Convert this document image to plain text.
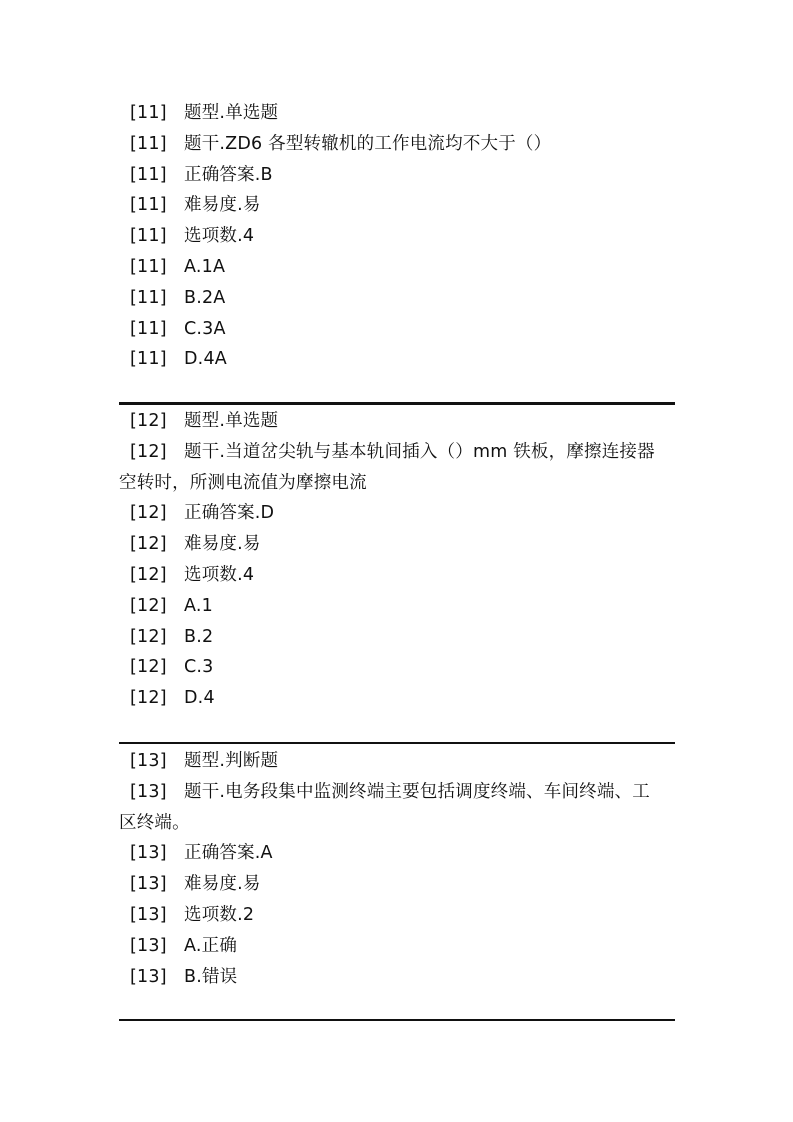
[11] 题型.单选题
[11] 题干.ZD6 各型转辙机的工作电流均不大于（）
[11] 正确答案.B
[11] 难易度.易
[11] 选项数.4
[11] A.1A
[11] B.2A
[11] C.3A
[11] D.4A
[12] 题型.单选题
[12] 题干.当道岔尖轨与基本轨间插入（）mm 铁板，摩擦连接器
空转时，所测电流值为摩擦电流
[12] 正确答案.D
[12] 难易度.易
[12] 选项数.4
[12] A.1
[12] B.2
[12] C.3
[12] D.4
[13] 题型.判断题
[13] 题干.电务段集中监测终端主要包括调度终端、车间终端、工
区终端。
[13] 正确答案.A
[13] 难易度.易
[13] 选项数.2
[13] A.正确
[13] B.错误
